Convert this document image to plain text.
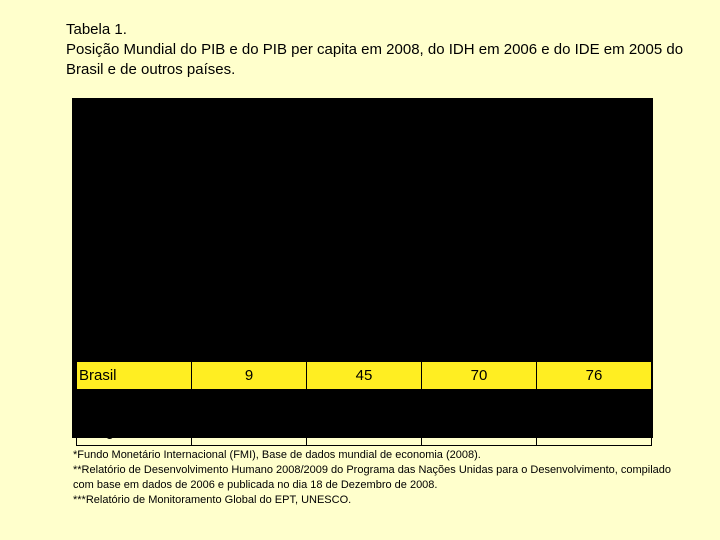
Tabela 1.
Posição Mundial do PIB e do PIB per capita em 2008, do IDH em 2006 e do IDE em 2005 do Brasil e de outros países.
País	Posição no PIB (2008)*	Posição no PIB per capita (2008)*	Posição no IDH (2006)**	Posição no IDE (2005)***
Noruega	41	2	2	1
Irlanda	52	5	5	25
Finlândia	53	11	12	11
Inglaterra	6	13	21	2
Espanha	11	26	16	18
Irã	15	86	84	90
Brasil	9	45	70	76
Índia	4	125	132	105
Bangladesh	49	158	147	107
*Fundo Monetário Internacional (FMI), Base de dados mundial de economia (2008).
**Relatório de Desenvolvimento Humano 2008/2009 do Programa das Nações Unidas para o Desenvolvimento, compilado com base em dados de 2006 e publicada no dia 18 de Dezembro de 2008.
***Relatório de Monitoramento Global do EPT, UNESCO.
